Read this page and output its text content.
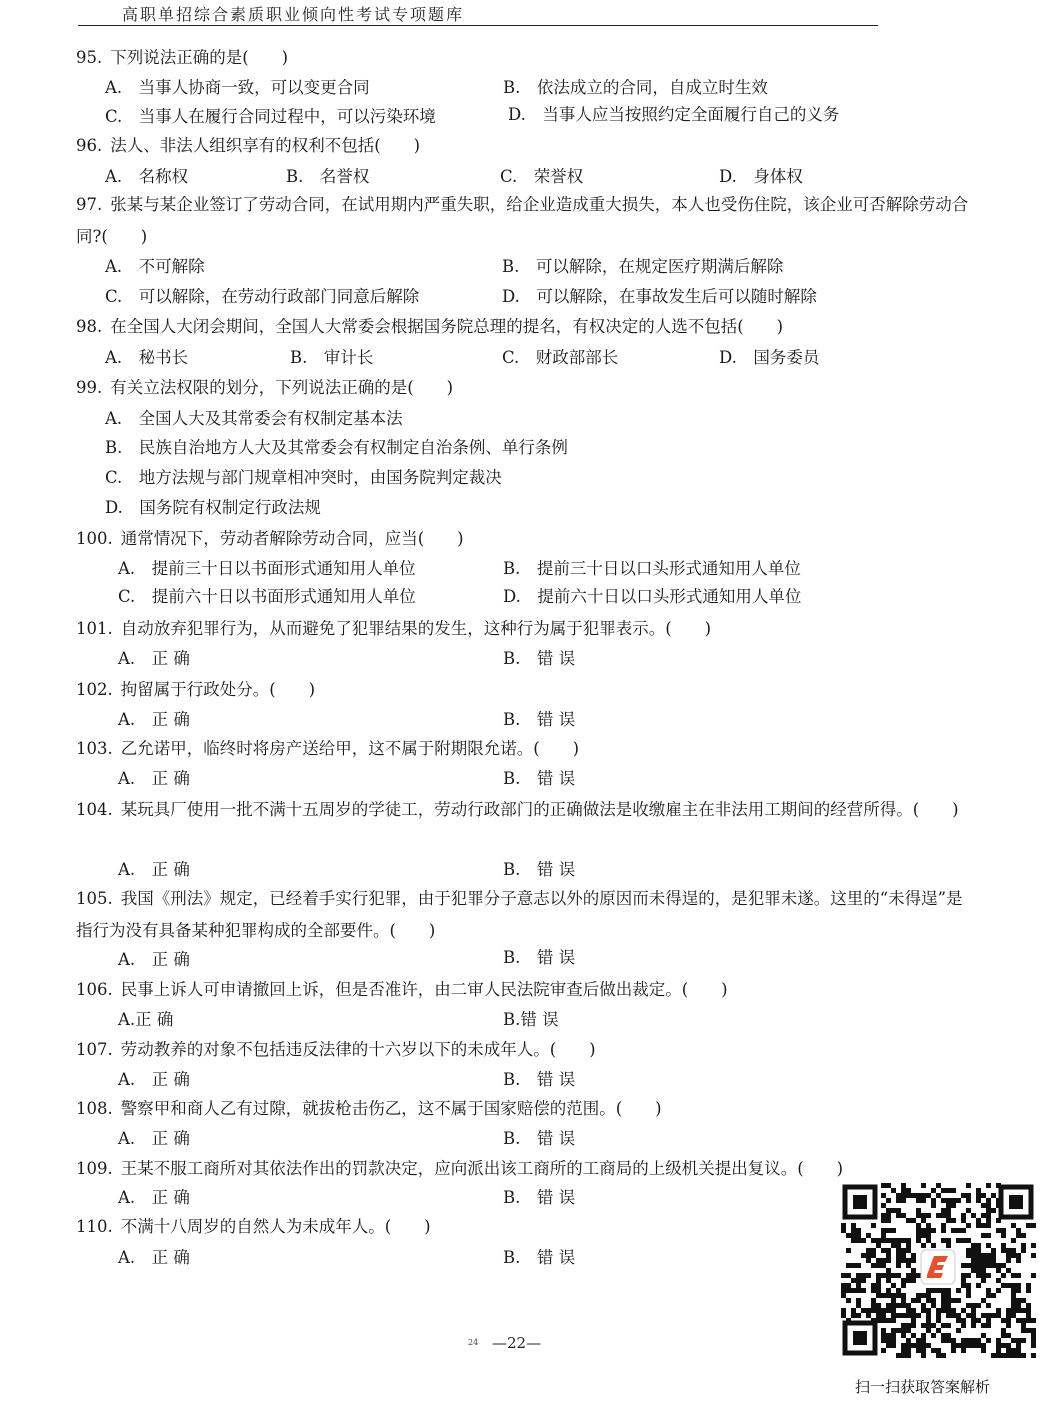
高职单招综合素质职业倾向性考试专项题库
95. 下列说法正确的是(　　)
A.　当事人协商一致，可以变更合同	B.　依法成立的合同，自成立时生效
C.　当事人在履行合同过程中，可以污染环境	D.　当事人应当按照约定全面履行自己的义务
96. 法人、非法人组织享有的权利不包括(　　)
A.　名称权	B.　名誉权	C.　荣誉权	D.　身体权
97. 张某与某企业签订了劳动合同，在试用期内严重失职，给企业造成重大损失，本人也受伤住院，该企业可否解除劳动合同?(　　)
A.　不可解除	B.　可以解除，在规定医疗期满后解除
C.　可以解除，在劳动行政部门同意后解除	D.　可以解除，在事故发生后可以随时解除
98. 在全国人大闭会期间，全国人大常委会根据国务院总理的提名，有权决定的人选不包括(　　)
A.　秘书长	B.　审计长	C.　财政部部长	D.　国务委员
99. 有关立法权限的划分，下列说法正确的是(　　)
A.　全国人大及其常委会有权制定基本法
B.　民族自治地方人大及其常委会有权制定自治条例、单行条例
C.　地方法规与部门规章相冲突时，由国务院判定裁决
D.　国务院有权制定行政法规
100. 通常情况下，劳动者解除劳动合同，应当(　　)
A.　提前三十日以书面形式通知用人单位	B.　提前三十日以口头形式通知用人单位
C.　提前六十日以书面形式通知用人单位	D.　提前六十日以口头形式通知用人单位
101. 自动放弃犯罪行为，从而避免了犯罪结果的发生，这种行为属于犯罪表示。(　　)
A.　正 确	B.　错 误
102. 拘留属于行政处分。(　　)
A.　正 确	B.　错 误
103. 乙允诺甲，临终时将房产送给甲，这不属于附期限允诺。(　　)
A.　正 确	B.　错 误
104. 某玩具厂使用一批不满十五周岁的学徒工，劳动行政部门的正确做法是收缴雇主在非法用工期间的经营所得。(　　)
A.　正 确	B.　错 误
105. 我国《刑法》规定，已经着手实行犯罪，由于犯罪分子意志以外的原因而未得逞的，是犯罪未遂。这里的“未得逞”是指行为没有具备某种犯罪构成的全部要件。(　　)
A.　正 确	B.　错 误
106. 民事上诉人可申请撤回上诉，但是否准许，由二审人民法院审查后做出裁定。(　　)
A.正 确	B.错 误
107. 劳动教养的对象不包括违反法律的十六岁以下的未成年人。(　　)
A.　正 确	B.　错 误
108. 警察甲和商人乙有过隙，就拔枪击伤乙，这不属于国家赔偿的范围。(　　)
A.　正 确	B.　错 误
109. 王某不服工商所对其依法作出的罚款决定，应向派出该工商所的工商局的上级机关提出复议。(　　)
A.　正 确	B.　错 误
110. 不满十八周岁的自然人为未成年人。(　　)
A.　正 确	B.　错 误
24 —22—
扫一扫获取答案解析
